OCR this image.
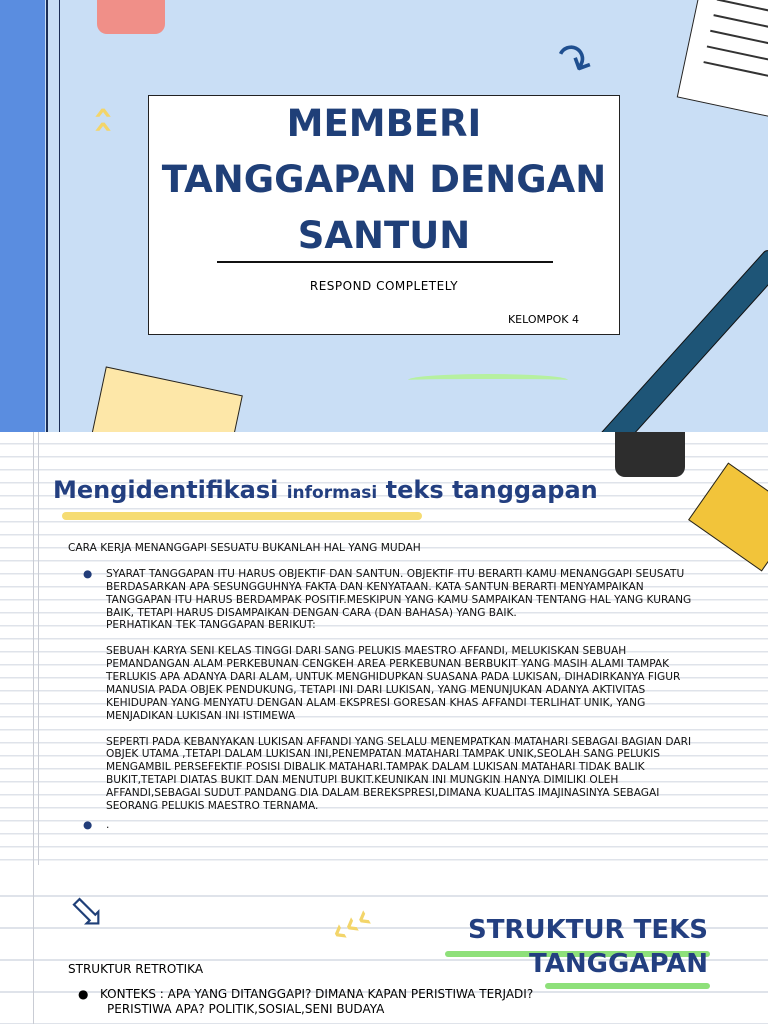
››
↷
MEMBERI
TANGGAPAN DENGAN
SANTUN
RESPOND COMPLETELY
KELOMPOK 4
Mengidentifikasi informasi teks tanggapan

CARA KERJA MENANGGAPI SESUATU BUKANLAH HAL YANG MUDAH

● SYARAT TANGGAPAN ITU HARUS OBJEKTIF DAN SANTUN. OBJEKTIF ITU BERARTI KAMU MENANGGAPI SEUSATU BERDASARKAN APA SESUNGGUHNYA FAKTA DAN KENYATAAN. KATA SANTUN BERARTI MENYAMPAIKAN TANGGAPAN ITU HARUS BERDAMPAK POSITIF.MESKIPUN YANG KAMU SAMPAIKAN TENTANG HAL YANG KURANG BAIK, TETAPI HARUS DISAMPAIKAN DENGAN CARA (DAN BAHASA) YANG BAIK.

PERHATIKAN TEK TANGGAPAN BERIKUT:

SEBUAH KARYA SENI KELAS TINGGI DARI SANG PELUKIS MAESTRO AFFANDI, MELUKISKAN SEBUAH PEMANDANGAN ALAM PERKEBUNAN CENGKEH AREA PERKEBUNAN BERBUKIT YANG MASIH ALAMI TAMPAK TERLUKIS APA ADANYA DARI ALAM, UNTUK MENGHIDUPKAN SUASANA PADA LUKISAN, DIHADIRKANYA FIGUR MANUSIA PADA OBJEK PENDUKUNG, TETAPI INI DARI LUKISAN, YANG MENUNJUKAN ADANYA AKTIVITAS KEHIDUPAN YANG MENYATU DENGAN ALAM EKSPRESI GORESAN KHAS AFFANDI TERLIHAT UNIK, YANG MENJADIKAN LUKISAN INI ISTIMEWA

SEPERTI PADA KEBANYAKAN LUKISAN AFFANDI YANG SELALU MENEMPATKAN MATAHARI SEBAGAI BAGIAN DARI OBJEK UTAMA ,TETAPI DALAM LUKISAN INI,PENEMPATAN MATAHARI TAMPAK UNIK,SEOLAH SANG PELUKIS MENGAMBIL PERSEFEKTIF POSISI DIBALIK MATAHARI.TAMPAK DALAM LUKISAN MATAHARI TIDAK BALIK BUKIT,TETAPI DIATAS BUKIT DAN MENUTUPI BUKIT.KEUNIKAN INI MUNGKIN HANYA DIMILIKI OLEH AFFANDI,SEBAGAI SUDUT PANDANG DIA DALAM BEREKSPRESI,DIMANA KUALITAS IMAJINASINYA SEBAGAI SEORANG PELUKIS MAESTRO TERNAMA.

● .

⇨	‹‹‹	STRUKTUR TEKS
TANGGAPAN
STRUKTUR RETROTIKA
● KONTEKS : APA YANG DITANGGAPI? DIMANA KAPAN PERISTIWA TERJADI?
PERISTIWA APA? POLITIK,SOSIAL,SENI BUDAYA
